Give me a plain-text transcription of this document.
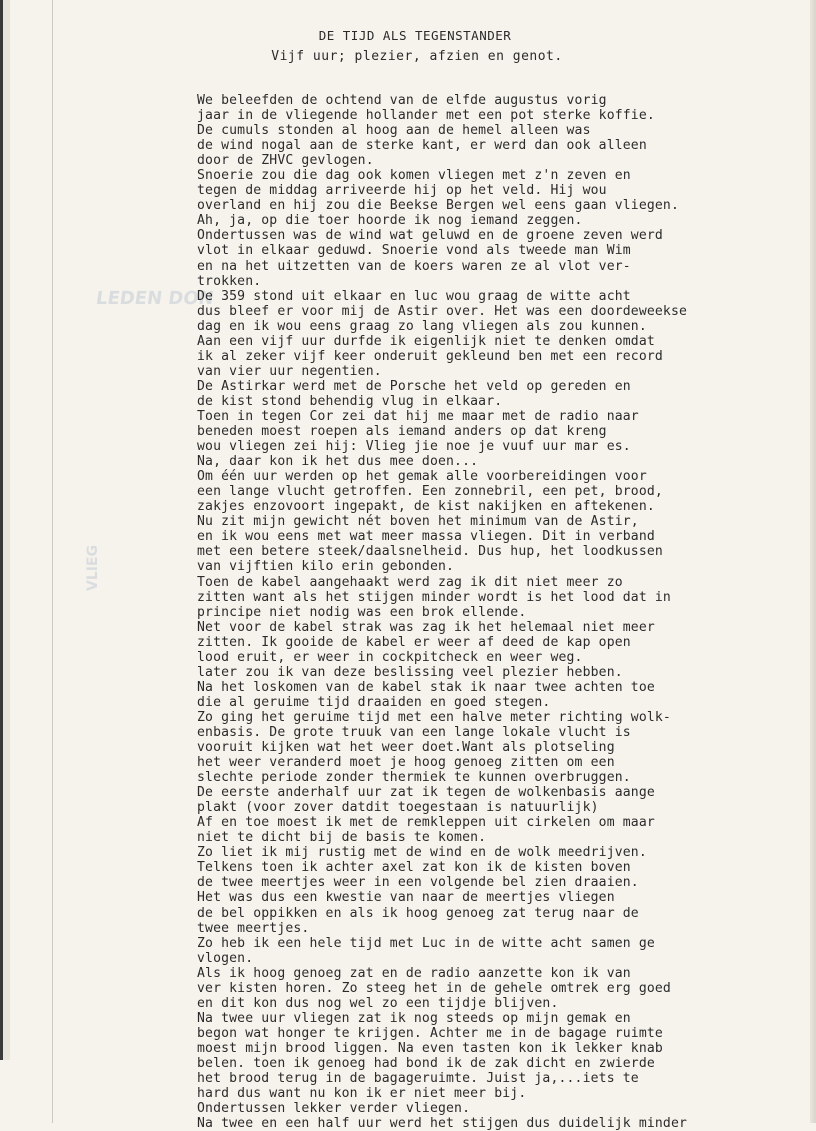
LEDEN DON
VLIEG
DE TIJD ALS TEGENSTANDER
Vijf uur; plezier, afzien en genot.
We beleefden de ochtend van de elfde augustus vorig
jaar in de vliegende hollander met een pot sterke koffie.
De cumuls stonden al hoog aan de hemel alleen was
de wind nogal aan de sterke kant, er werd dan ook alleen
door de ZHVC gevlogen.
Snoerie zou die dag ook komen vliegen met z'n zeven en
tegen de middag arriveerde hij op het veld. Hij wou
overland en hij zou die Beekse Bergen wel eens gaan vliegen.
Ah, ja, op die toer hoorde ik nog iemand zeggen.
Ondertussen was de wind wat geluwd en de groene zeven werd
vlot in elkaar geduwd. Snoerie vond als tweede man Wim
en na het uitzetten van de koers waren ze al vlot ver-
trokken.
De 359 stond uit elkaar en luc wou graag de witte acht
dus bleef er voor mij de Astir over. Het was een doordeweekse
dag en ik wou eens graag zo lang vliegen als zou kunnen.
Aan een vijf uur durfde ik eigenlijk niet te denken omdat
ik al zeker vijf keer onderuit gekleund ben met een record
van vier uur negentien.
De Astirkar werd met de Porsche het veld op gereden en
de kist stond behendig vlug in elkaar.
Toen in tegen Cor zei dat hij me maar met de radio naar
beneden moest roepen als iemand anders op dat kreng
wou vliegen zei hij: Vlieg jie noe je vuuf uur mar es.
Na, daar kon ik het dus mee doen...
Om één uur werden op het gemak alle voorbereidingen voor
een lange vlucht getroffen. Een zonnebril, een pet, brood,
zakjes enzovoort ingepakt, de kist nakijken en aftekenen.
Nu zit mijn gewicht nét boven het minimum van de Astir,
en ik wou eens met wat meer massa vliegen. Dit in verband
met een betere steek/daalsnelheid. Dus hup, het loodkussen
van vijftien kilo erin gebonden.
Toen de kabel aangehaakt werd zag ik dit niet meer zo
zitten want als het stijgen minder wordt is het lood dat in
principe niet nodig was een brok ellende.
Net voor de kabel strak was zag ik het helemaal niet meer
zitten. Ik gooide de kabel er weer af deed de kap open
lood eruit, er weer in cockpitcheck en weer weg.
later zou ik van deze beslissing veel plezier hebben.
Na het loskomen van de kabel stak ik naar twee achten toe
die al geruime tijd draaiden en goed stegen.
Zo ging het geruime tijd met een halve meter richting wolk-
enbasis. De grote truuk van een lange lokale vlucht is
vooruit kijken wat het weer doet.Want als plotseling
het weer veranderd moet je hoog genoeg zitten om een
slechte periode zonder thermiek te kunnen overbruggen.
De eerste anderhalf uur zat ik tegen de wolkenbasis aange
plakt (voor zover datdit toegestaan is natuurlijk)
Af en toe moest ik met de remkleppen uit cirkelen om maar
niet te dicht bij de basis te komen.
Zo liet ik mij rustig met de wind en de wolk meedrijven.
Telkens toen ik achter axel zat kon ik de kisten boven
de twee meertjes weer in een volgende bel zien draaien.
Het was dus een kwestie van naar de meertjes vliegen
de bel oppikken en als ik hoog genoeg zat terug naar de
twee meertjes.
Zo heb ik een hele tijd met Luc in de witte acht samen ge
vlogen.
Als ik hoog genoeg zat en de radio aanzette kon ik van
ver kisten horen. Zo steeg het in de gehele omtrek erg goed
en dit kon dus nog wel zo een tijdje blijven.
Na twee uur vliegen zat ik nog steeds op mijn gemak en
begon wat honger te krijgen. Achter me in de bagage ruimte
moest mijn brood liggen. Na even tasten kon ik lekker knab
belen. toen ik genoeg had bond ik de zak dicht en zwierde
het brood terug in de bagageruimte. Juist ja,...iets te
hard dus want nu kon ik er niet meer bij.
Ondertussen lekker verder vliegen.
Na twee en een half uur werd het stijgen dus duidelijk minder
